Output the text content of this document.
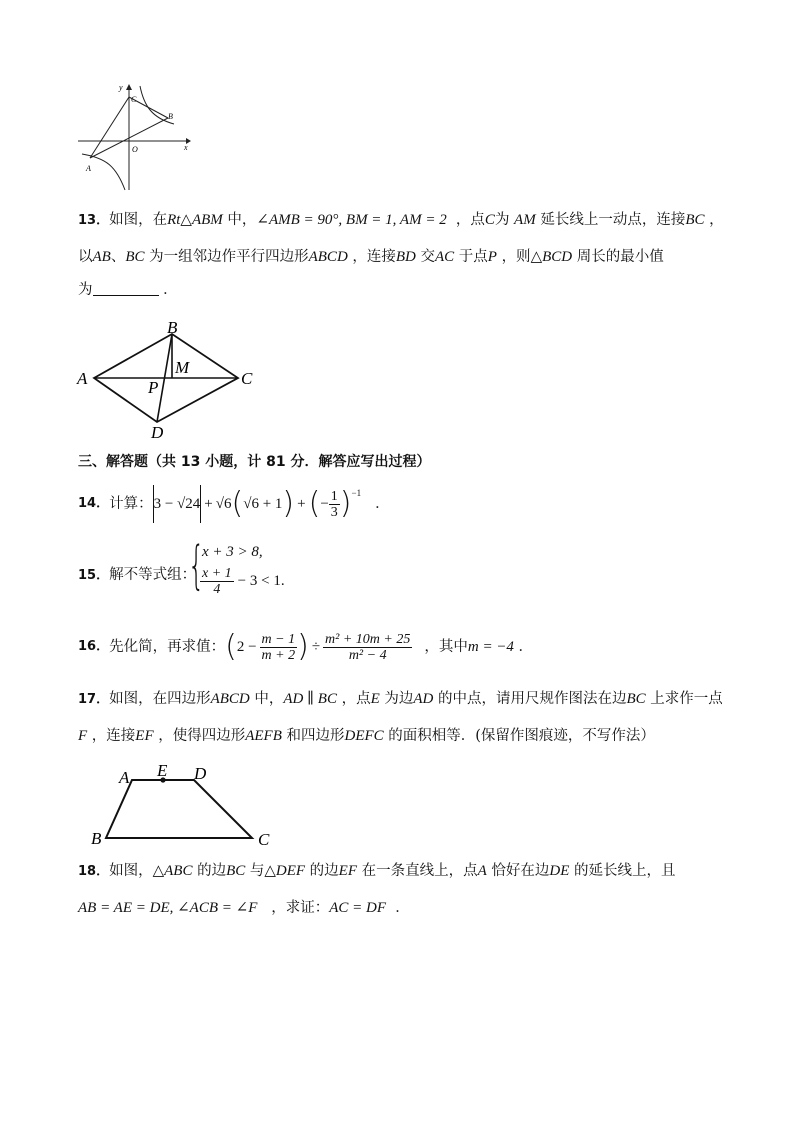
y
x
O
C
B
A
13．如图，在Rt△ABM 中，∠AMB = 90°, BM = 1, AM = 2 ，点C为 AM 延长线上一动点，连接BC ，
以AB、BC 为一组邻边作平行四边形ABCD ，连接BD 交AC 于点P ，则△BCD 周长的最小值
为	．
A
B
C
D
M
P
三、解答题（共 13 小题，计 81 分．解答应写出过程）
14． 计算： 3 − √24 + √6 ( √6 + 1 ) + ( − $\frac{1}{3} )^{-1}$
．
15．解不等式组：
{
x + 3 > 8,
$\frac{x + 1}{4} - 3 < 1$.
16． 先化简，再求值： ( $2 - \frac{m - 1}{m + 2}$ ) ÷ $\frac{\text{m² + 10m + 25}}{\text{m² − 4}}$ ，其中 m = −4
．
17．如图，在四边形ABCD 中，AD ∥ BC ，点E 为边AD 的中点，请用尺规作图法在边BC 上求作一点
F ，连接EF ，使得四边形AEFB 和四边形DEFC 的面积相等．(保留作图痕迹，不写作法）
A E D
B	C
18．如图，△ABC 的边BC 与△DEF 的边EF 在一条直线上，点A 恰好在边DE 的延长线上，且
AB = AE = DE, ∠ACB = ∠F ，求证：AC = DF ．
